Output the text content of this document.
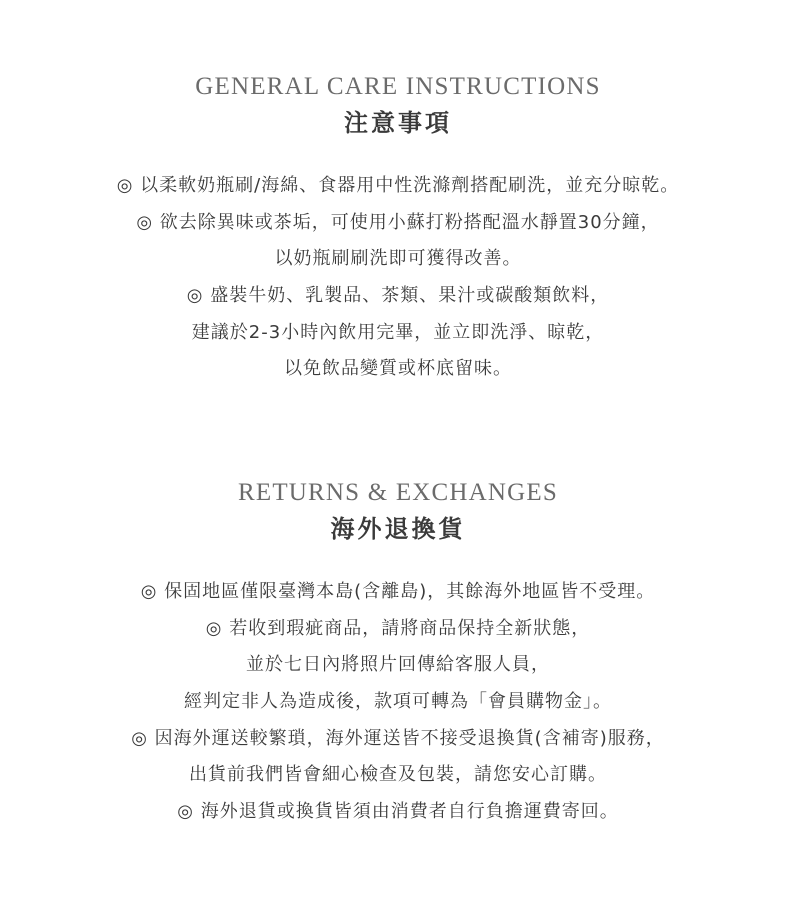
GENERAL CARE INSTRUCTIONS
注意事項
◎ 以柔軟奶瓶刷/海綿、食器用中性洗滌劑搭配刷洗，並充分晾乾。
◎ 欲去除異味或茶垢，可使用小蘇打粉搭配溫水靜置30分鐘，
以奶瓶刷刷洗即可獲得改善。
◎ 盛裝牛奶、乳製品、茶類、果汁或碳酸類飲料，
建議於2-3小時內飲用完畢，並立即洗淨、晾乾，
以免飲品變質或杯底留味。
RETURNS & EXCHANGES
海外退換貨
◎ 保固地區僅限臺灣本島(含離島)，其餘海外地區皆不受理。
◎ 若收到瑕疵商品，請將商品保持全新狀態，
並於七日內將照片回傳給客服人員，
經判定非人為造成後，款項可轉為「會員購物金」。
◎ 因海外運送較繁瑣，海外運送皆不接受退換貨(含補寄)服務，
出貨前我們皆會細心檢查及包裝，請您安心訂購。
◎ 海外退貨或換貨皆須由消費者自行負擔運費寄回。
